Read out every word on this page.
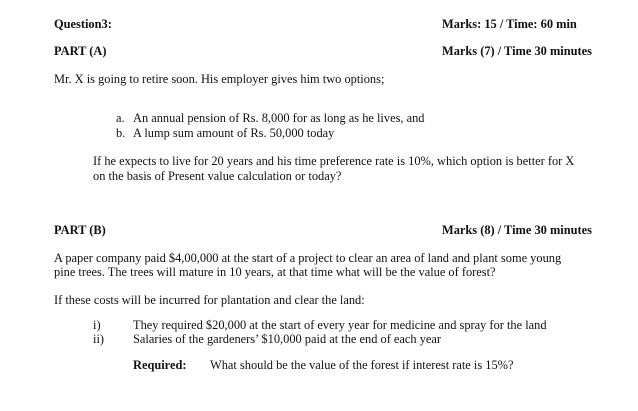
Question3:	Marks: 15 / Time: 60 min
PART (A)	Marks (7) / Time 30 minutes
Mr. X is going to retire soon. His employer gives him two options;
a. An annual pension of Rs. 8,000 for as long as he lives, and
b. A lump sum amount of Rs. 50,000 today
If he expects to live for 20 years and his time preference rate is 10%, which option is better for X
on the basis of Present value calculation or today?
PART (B)	Marks (8) / Time 30 minutes
A paper company paid $4,00,000 at the start of a project to clear an area of land and plant some young
pine trees. The trees will mature in 10 years, at that time what will be the value of forest?
If these costs will be incurred for plantation and clear the land:
i)	They required $20,000 at the start of every year for medicine and spray for the land
ii) Salaries of the gardeners’ $10,000 paid at the end of each year
Required: What should be the value of the forest if interest rate is 15%?
